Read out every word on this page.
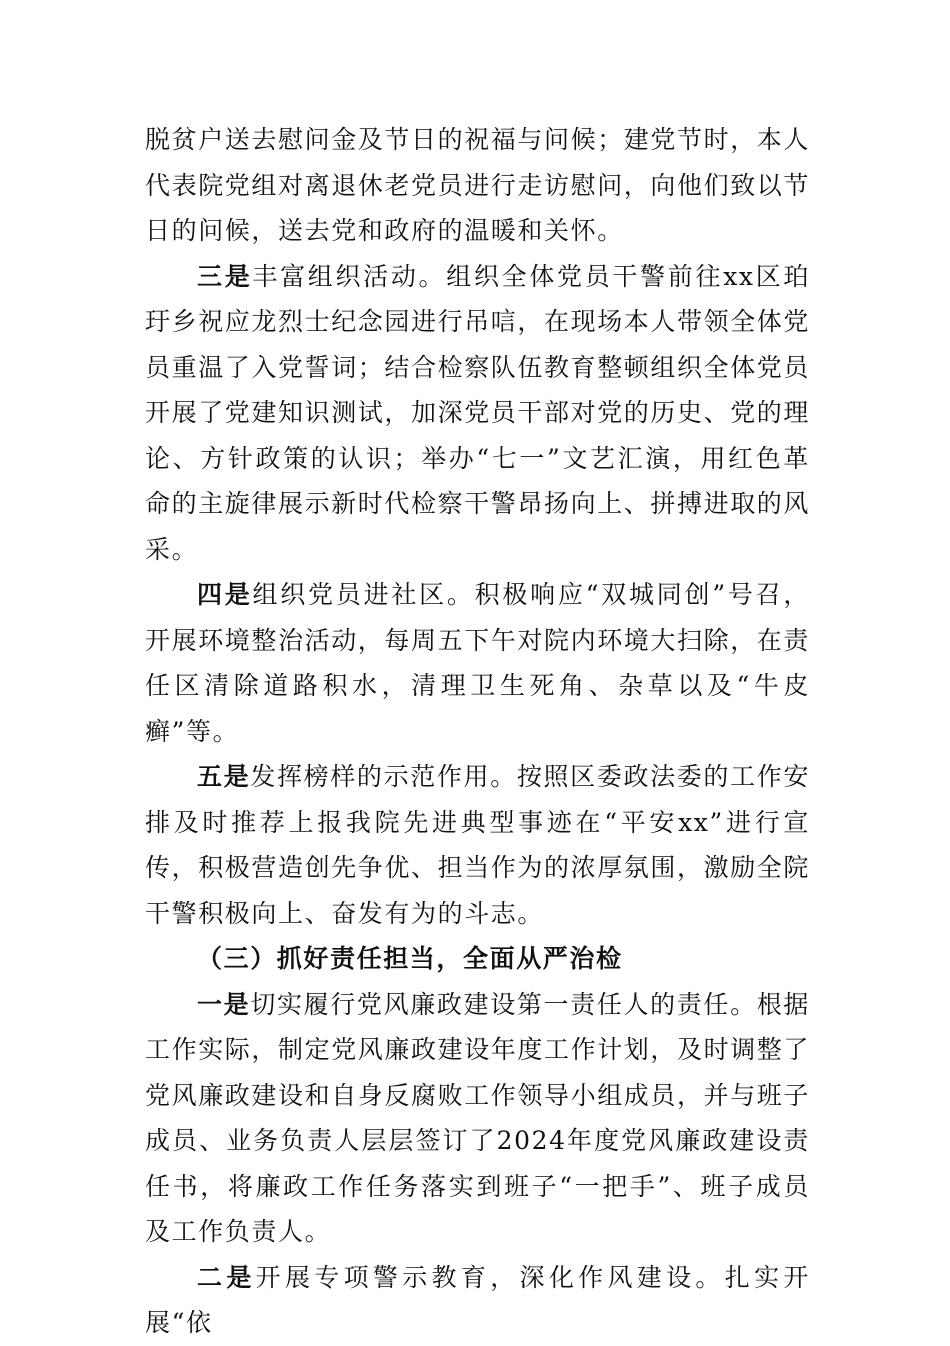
脱贫户送去慰问金及节日的祝福与问候；建党节时，本人代表院党组对离退休老党员进行走访慰问，向他们致以节日的问候，送去党和政府的温暖和关怀。

三是丰富组织活动。组织全体党员干警前往xx区珀玗乡祝应龙烈士纪念园进行吊唁，在现场本人带领全体党员重温了入党誓词；结合检察队伍教育整顿组织全体党员开展了党建知识测试，加深党员干部对党的历史、党的理论、方针政策的认识；举办“七一”文艺汇演，用红色革命的主旋律展示新时代检察干警昂扬向上、拼搏进取的风采。

四是组织党员进社区。积极响应“双城同创”号召，开展环境整治活动，每周五下午对院内环境大扫除，在责任区清除道路积水，清理卫生死角、杂草以及“牛皮癣”等。

五是发挥榜样的示范作用。按照区委政法委的工作安排及时推荐上报我院先进典型事迹在“平安xx”进行宣传，积极营造创先争优、担当作为的浓厚氛围，激励全院干警积极向上、奋发有为的斗志。

（三）抓好责任担当，全面从严治检

一是切实履行党风廉政建设第一责任人的责任。根据工作实际，制定党风廉政建设年度工作计划，及时调整了党风廉政建设和自身反腐败工作领导小组成员，并与班子成员、业务负责人层层签订了2024年度党风廉政建设责任书，将廉政工作任务落实到班子“一把手”、班子成员及工作负责人。

二是开展专项警示教育，深化作风建设。扎实开展“依
